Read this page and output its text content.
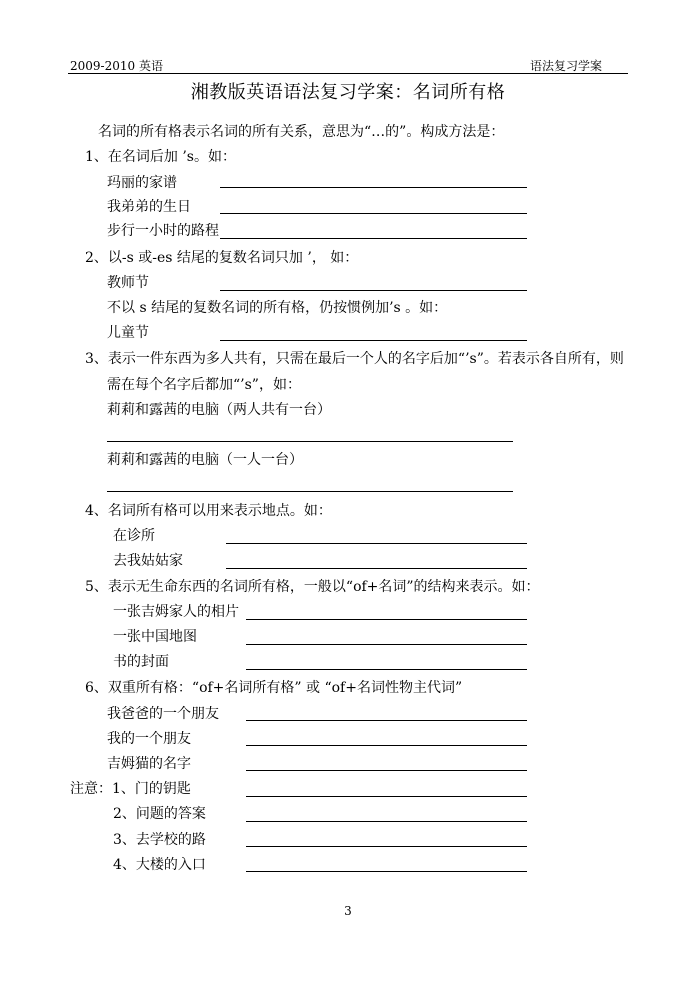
2009-2010 英语	语法复习学案
湘教版英语语法复习学案：名词所有格
名词的所有格表示名词的所有关系，意思为“…的”。构成方法是：
1、在名词后加 ’s。如：
玛丽的家谱
我弟弟的生日
步行一小时的路程
2、以-s 或-es 结尾的复数名词只加 ’， 如：
教师节
不以 s 结尾的复数名词的所有格，仍按惯例加’s 。如：
儿童节
3、表示一件东西为多人共有，只需在最后一个人的名字后加“’s”。若表示各自所有，则
需在每个名字后都加“’s”，如：
莉莉和露茜的电脑（两人共有一台）
莉莉和露茜的电脑（一人一台）
4、名词所有格可以用来表示地点。如：
在诊所
去我姑姑家
5、表示无生命东西的名词所有格，一般以“of+名词”的结构来表示。如：
一张吉姆家人的相片
一张中国地图
书的封面
6、双重所有格：“of+名词所有格” 或 “of+名词性物主代词”
我爸爸的一个朋友
我的一个朋友
吉姆猫的名字
注意：1、门的钥匙
2、问题的答案
3、去学校的路
4、大楼的入口
3
